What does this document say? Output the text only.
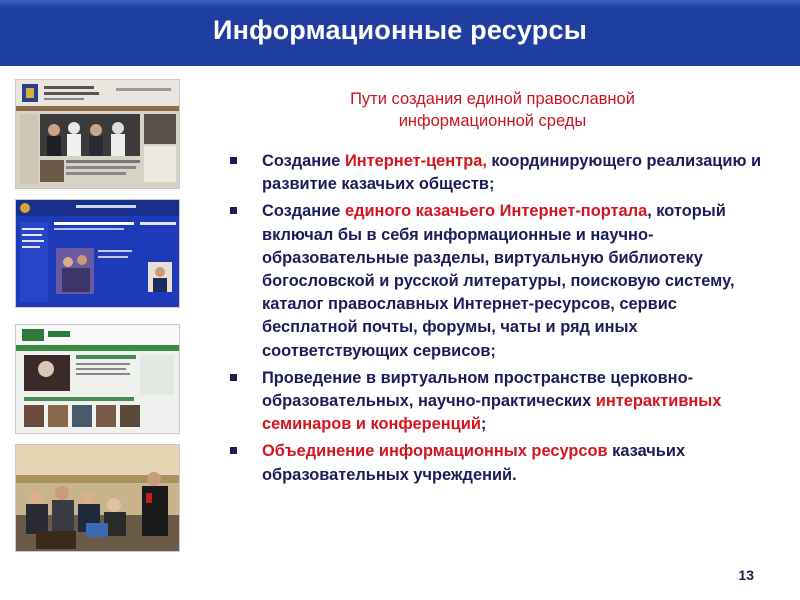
Информационные ресурсы

Пути создания единой православной
информационной среды

Создание Интернет-центра, координирующего реализацию и развитие казачьих обществ;
Создание единого казачьего Интернет-портала, который включал бы в себя информационные и научно-образовательные разделы, виртуальную библиотеку богословской и русской литературы, поисковую систему, каталог православных Интернет-ресурсов, сервис бесплатной почты, форумы, чаты и ряд иных соответствующих сервисов;
Проведение в виртуальном пространстве церковно-образовательных, научно-практических интерактивных семинаров и конференций;
Объединение информационных ресурсов казачьих образовательных учреждений.
13
